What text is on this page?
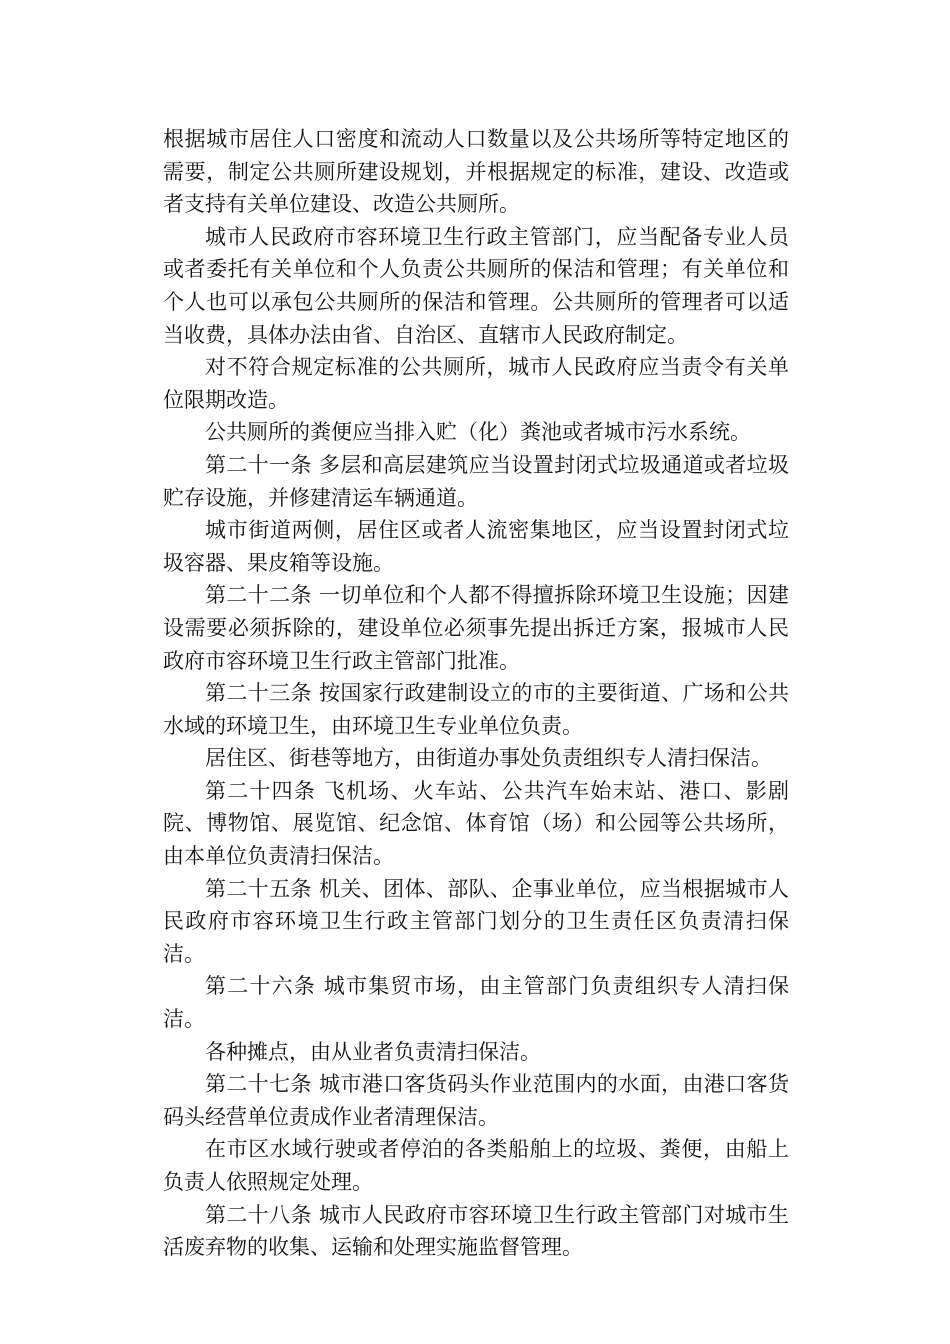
根据城市居住人口密度和流动人口数量以及公共场所等特定地区的需要，制定公共厕所建设规划，并根据规定的标准，建设、改造或者支持有关单位建设、改造公共厕所。

城市人民政府市容环境卫生行政主管部门，应当配备专业人员或者委托有关单位和个人负责公共厕所的保洁和管理；有关单位和个人也可以承包公共厕所的保洁和管理。公共厕所的管理者可以适当收费，具体办法由省、自治区、直辖市人民政府制定。

对不符合规定标准的公共厕所，城市人民政府应当责令有关单位限期改造。

公共厕所的粪便应当排入贮（化）粪池或者城市污水系统。

第二十一条 多层和高层建筑应当设置封闭式垃圾通道或者垃圾贮存设施，并修建清运车辆通道。

城市街道两侧，居住区或者人流密集地区，应当设置封闭式垃圾容器、果皮箱等设施。

第二十二条 一切单位和个人都不得擅拆除环境卫生设施；因建设需要必须拆除的，建设单位必须事先提出拆迁方案，报城市人民政府市容环境卫生行政主管部门批准。

第二十三条 按国家行政建制设立的市的主要街道、广场和公共水域的环境卫生，由环境卫生专业单位负责。

居住区、街巷等地方，由街道办事处负责组织专人清扫保洁。

第二十四条 飞机场、火车站、公共汽车始末站、港口、影剧院、博物馆、展览馆、纪念馆、体育馆（场）和公园等公共场所，由本单位负责清扫保洁。

第二十五条 机关、团体、部队、企事业单位，应当根据城市人民政府市容环境卫生行政主管部门划分的卫生责任区负责清扫保洁。

第二十六条 城市集贸市场，由主管部门负责组织专人清扫保洁。

各种摊点，由从业者负责清扫保洁。

第二十七条 城市港口客货码头作业范围内的水面，由港口客货码头经营单位责成作业者清理保洁。

在市区水域行驶或者停泊的各类船舶上的垃圾、粪便，由船上负责人依照规定处理。

第二十八条 城市人民政府市容环境卫生行政主管部门对城市生活废弃物的收集、运输和处理实施监督管理。
